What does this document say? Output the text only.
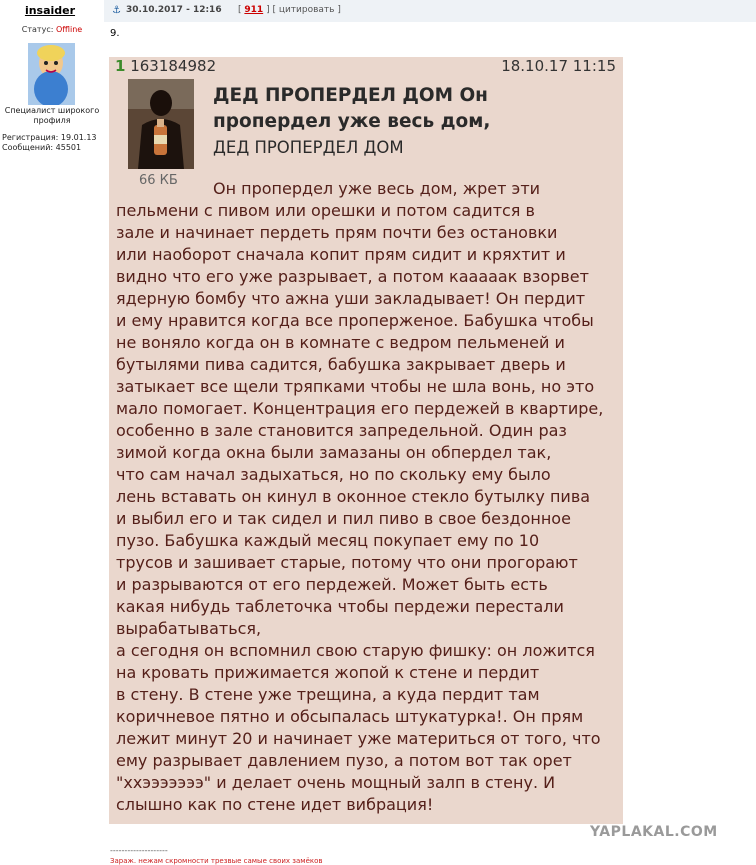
insaider
Статус: Offline
Специалист широкого
профиля
Регистрация: 19.01.13
Сообщений: 45501
⚓ 30.10.2017 - 12:16 [ 911 ] [ цитировать ]
9.
1 163184982	18.10.17 11:15
66 КБ
ДЕД ПРОПЕРДЕЛ ДОМ Он
пропердел уже весь дом,
ДЕД ПРОПЕРДЕЛ ДОМ
Он пропердел уже весь дом, жрет эти
пельмени с пивом или орешки и потом садится в
зале и начинает пердеть прям почти без остановки
или наоборот сначала копит прям сидит и кряхтит и
видно что его уже разрывает, а потом каааaак взорвет
ядерную бомбу что ажна уши закладывает! Он пердит
и ему нравится когда все проперженое. Бабушка чтобы
не воняло когда он в комнате с ведром пельменей и
бутылями пива садится, бабушка закрывает дверь и
затыкает все щели тряпками чтобы не шла вонь, но это
мало помогает. Концентрация его пердежей в квартире,
особенно в зале становится запредельной. Один раз
зимой когда окна были замазаны он обпердел так,
что сам начал задыхаться, но по скольку ему было
лень вставать он кинул в оконное стекло бутылку пива
и выбил его и так сидел и пил пиво в свое бездонное
пузо. Бабушка каждый месяц покупает ему по 10
трусов и зашивает старые, потому что они прогорают
и разрываются от его пердежей. Может быть есть
какая нибудь таблеточка чтобы пердежи перестали
вырабатываться,
а сегодня он вспомнил свою старую фишку: он ложится
на кровать прижимается жопой к стене и пердит
в стену. В стене уже трещина, а куда пердит там
коричневое пятно и обсыпалась штукатурка!. Он прям
лежит минут 20 и начинает уже материться от того, что
ему разрывает давлением пузо, а потом вот так орет
"ххэээээээ" и делает очень мощный залп в стену. И
слышно как по стене идет вибрация!
YAPLAKAL.COM
--------------------
Зараж. нежам скромности трезвые самые своих замёков
